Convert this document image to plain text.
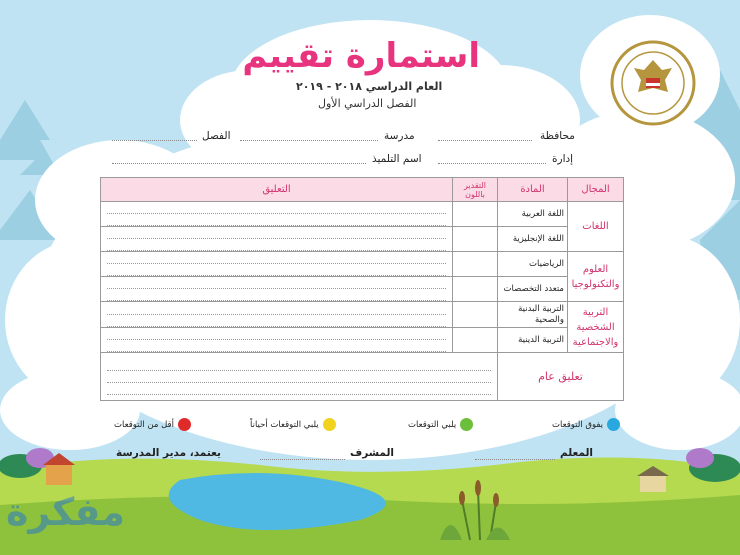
استمارة تقييم
العام الدراسي ٢٠١٨ - ٢٠١٩
الفصل الدراسي الأول
محافظة
مدرسة
الفصل
إدارة
اسم التلميذ
المجال	المادة	التقدير باللون	التعليق
اللغات	اللغة العربية		

	اللغة الإنجليزية		

العلوم والتكنولوجيا	الرياضيات		

	متعدد التخصصات		

التربية الشخصية والاجتماعية	التربية البدنية والصحية		

	التربية الدينية		

تعليق عام			
يفوق التوقعات
يلبي التوقعات
يلبي التوقعات أحياناً
أقل من التوقعات
المعلم
المشرف
يعتمد، مدير المدرسة
ﻣﻔﻜﺮﺓ
